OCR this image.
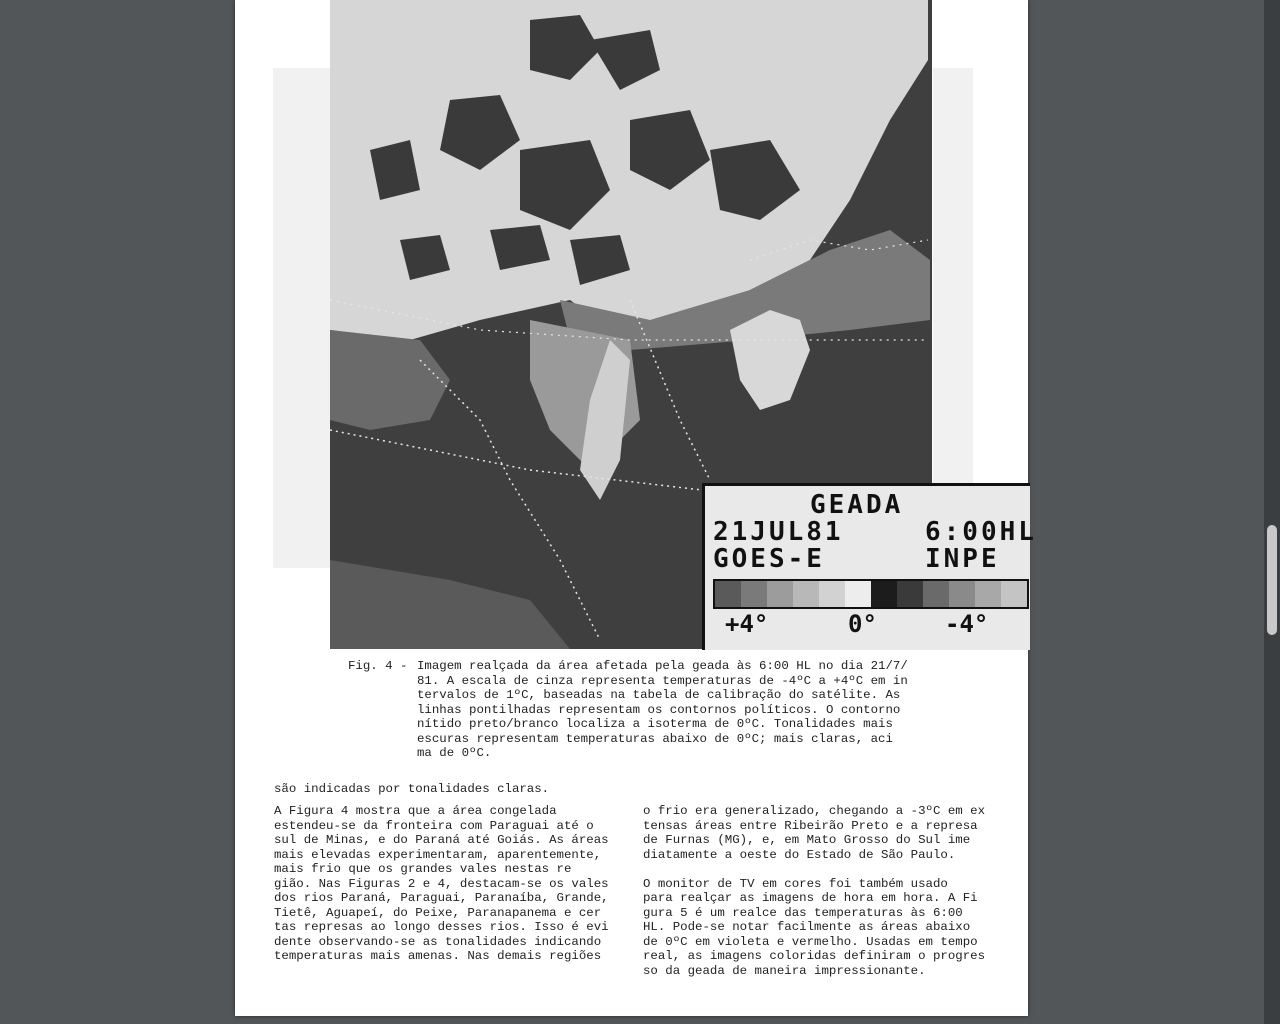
GEADA
21JUL81	6:00HL
GOES-E	INPE
+4°	0°	-4°
Fig. 4 - Imagem realçada da área afetada pela geada às 6:00 HL no dia 21/7/
81. A escala de cinza representa temperaturas de -4ºC a +4ºC em in
tervalos de 1ºC, baseadas na tabela de calibração do satélite. As
linhas pontilhadas representam os contornos políticos. O contorno
nítido preto/branco localiza a isoterma de 0ºC. Tonalidades mais
escuras representam temperaturas abaixo de 0ºC; mais claras, aci
ma de 0ºC.
são indicadas por tonalidades claras.
A Figura 4 mostra que a área congelada
estendeu-se da fronteira com Paraguai até o
sul de Minas, e do Paraná até Goiás. As áreas
mais elevadas experimentaram, aparentemente,
mais frio que os grandes vales nestas re
gião. Nas Figuras 2 e 4, destacam-se os vales
dos rios Paraná, Paraguai, Paranaíba, Grande,
Tietê, Aguapeí, do Peixe, Paranapanema e cer
tas represas ao longo desses rios. Isso é evi
dente observando-se as tonalidades indicando
temperaturas mais amenas. Nas demais regiões
o frio era generalizado, chegando a -3ºC em ex
tensas áreas entre Ribeirão Preto e a represa
de Furnas (MG), e, em Mato Grosso do Sul ime
diatamente a oeste do Estado de São Paulo.

O monitor de TV em cores foi também usado
para realçar as imagens de hora em hora. A Fi
gura 5 é um realce das temperaturas às 6:00
HL. Pode-se notar facilmente as áreas abaixo
de 0ºC em violeta e vermelho. Usadas em tempo
real, as imagens coloridas definiram o progres
so da geada de maneira impressionante.
